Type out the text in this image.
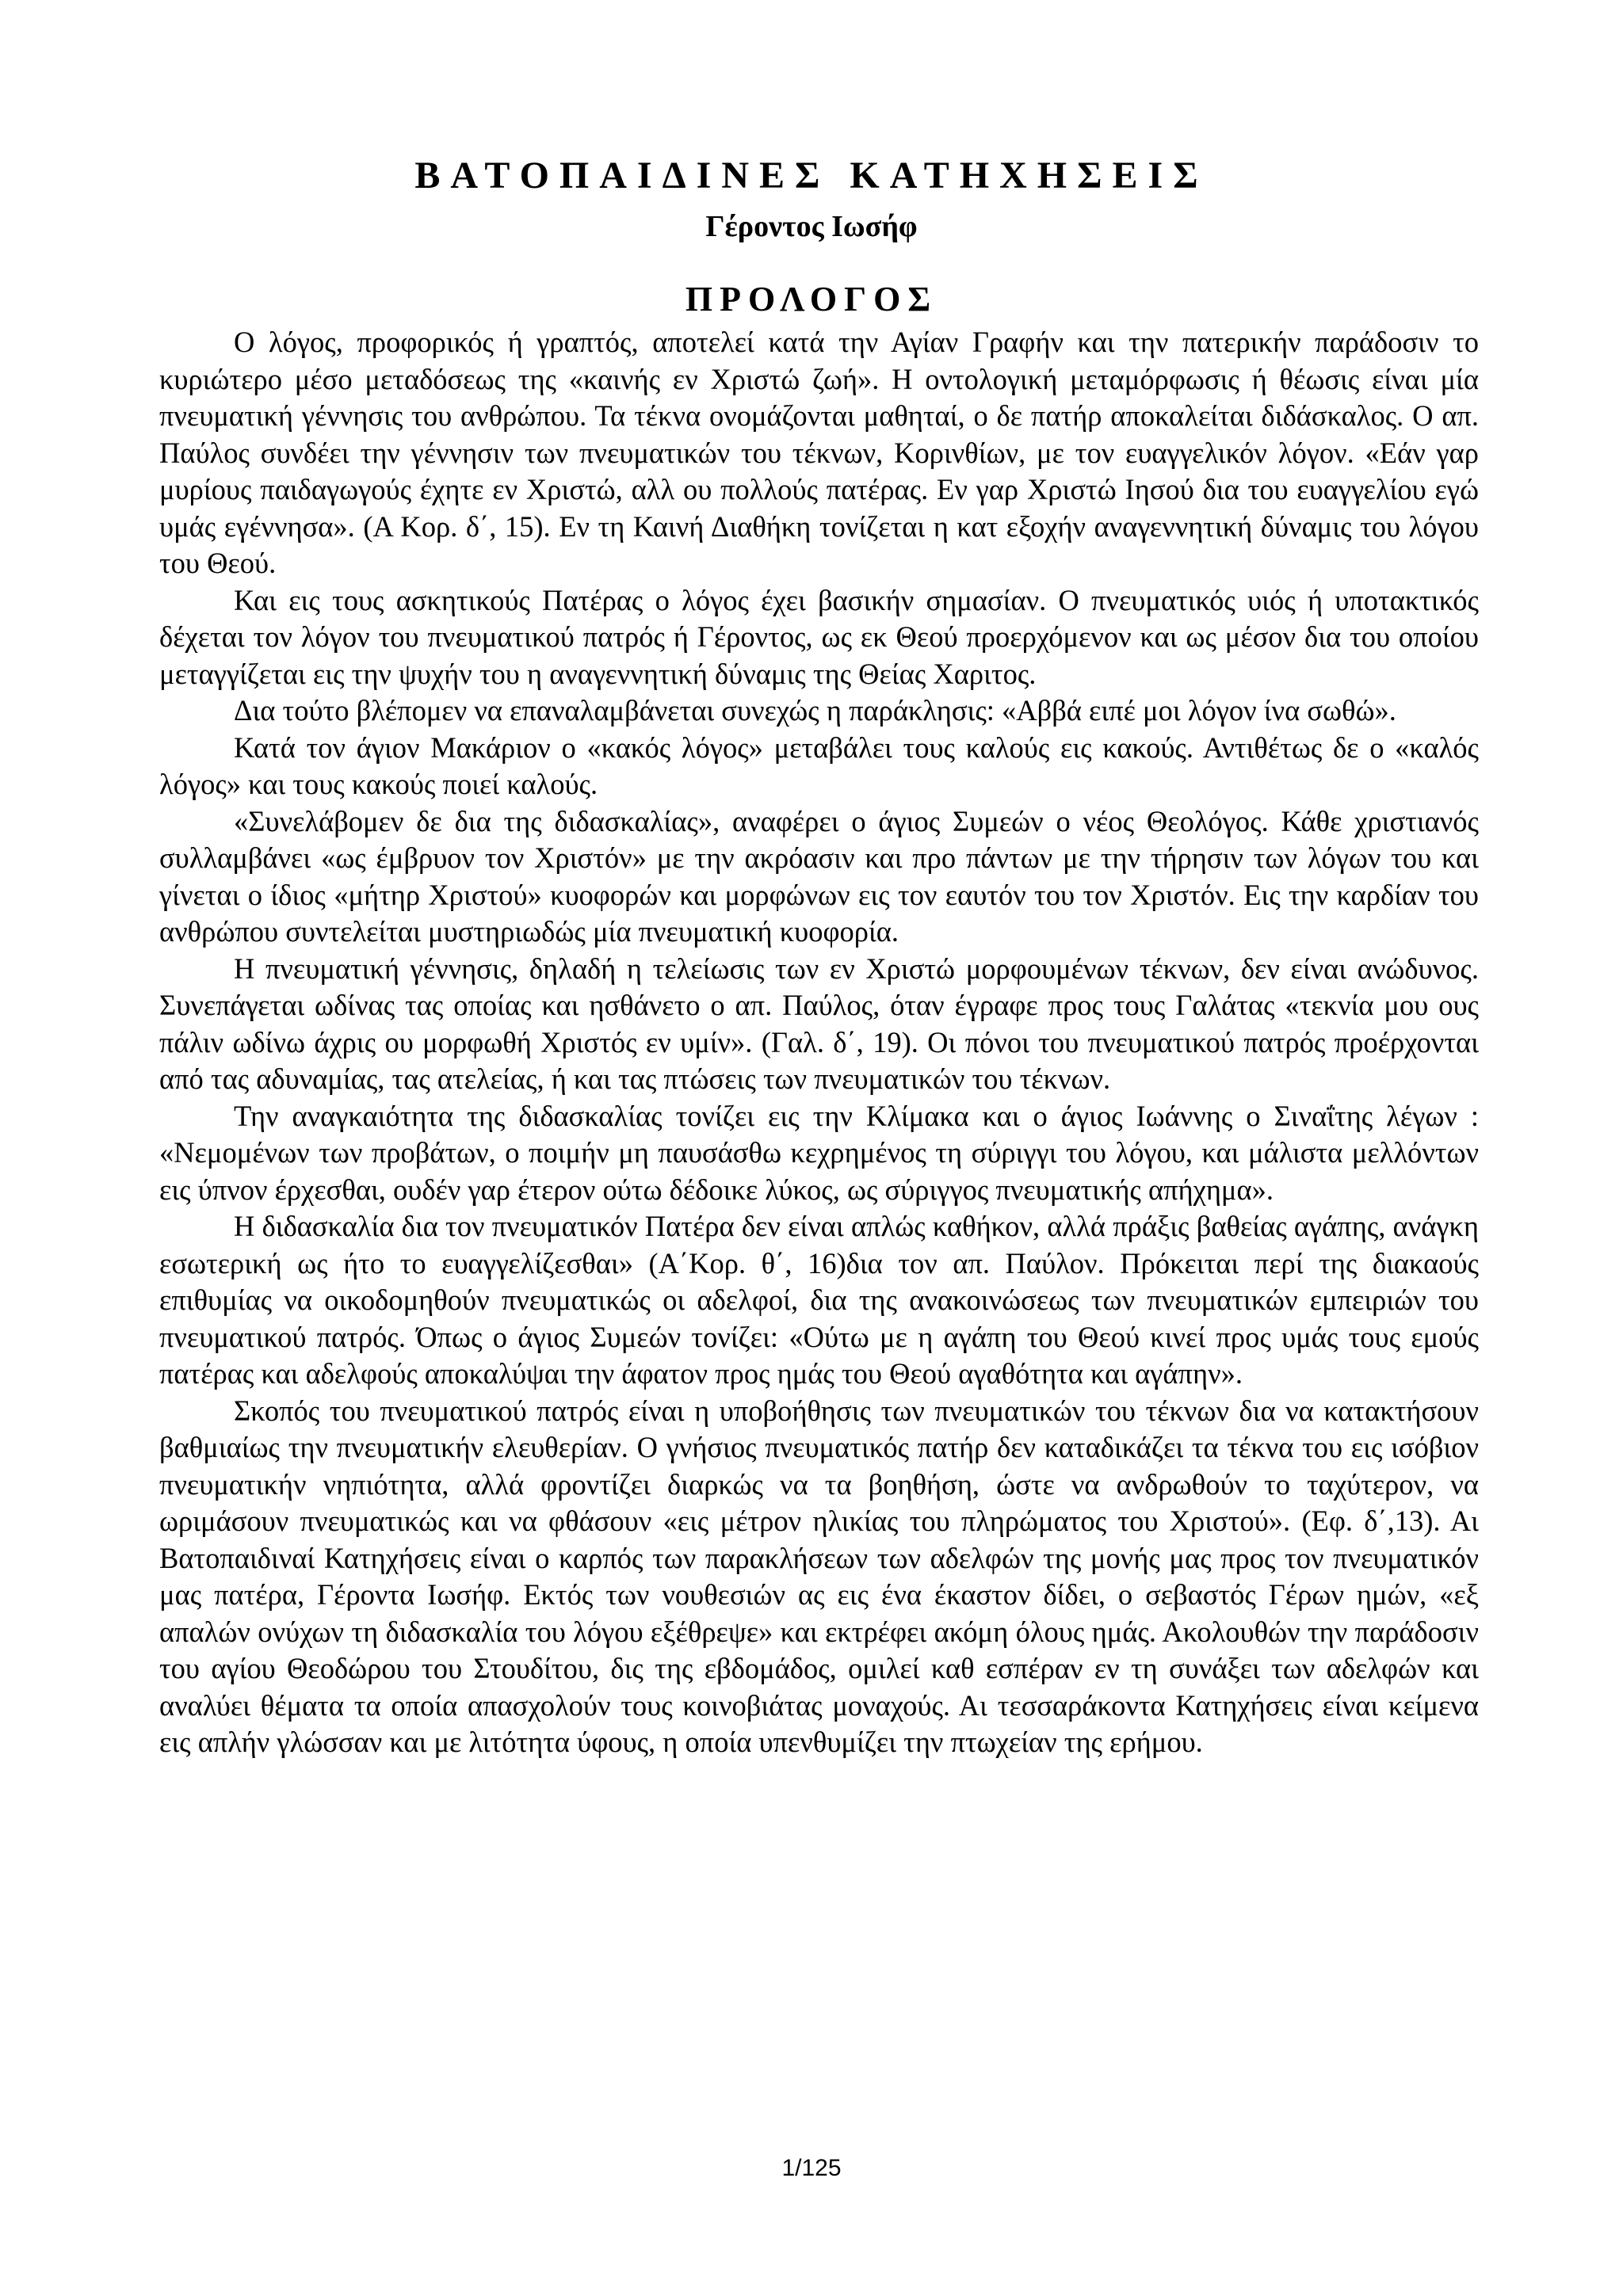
ΒΑΤΟΠΑΙΔΙΝΕΣ ΚΑΤΗΧΗΣΕΙΣ
Γέροντος Ιωσήφ
ΠΡΟΛΟΓΟΣ

Ο λόγος, προφορικός ή γραπτός, αποτελεί κατά την Αγίαν Γραφήν και την πατερικήν παράδοσιν το κυριώτερο μέσο μεταδόσεως της «καινής εν Χριστώ ζωή». Η οντολογική μεταμόρφωσις ή θέωσις είναι μία πνευματική γέννησις του ανθρώπου. Τα τέκνα ονομάζονται μαθηταί, ο δε πατήρ αποκαλείται διδάσκαλος. Ο απ. Παύλος συνδέει την γέννησιν των πνευματικών του τέκνων, Κορινθίων, με τον ευαγγελικόν λόγον. «Εάν γαρ μυρίους παιδαγωγούς έχητε εν Χριστώ, αλλ ου πολλούς πατέρας. Εν γαρ Χριστώ Ιησού δια του ευαγγελίου εγώ υμάς εγέννησα». (Α Κορ. δ΄, 15). Εν τη Καινή Διαθήκη τονίζεται η κατ εξοχήν αναγεννητική δύναμις του λόγου του Θεού.

Και εις τους ασκητικούς Πατέρας ο λόγος έχει βασικήν σημασίαν. Ο πνευματικός υιός ή υποτακτικός δέχεται τον λόγον του πνευματικού πατρός ή Γέροντος, ως εκ Θεού προερχόμενον και ως μέσον δια του οποίου μεταγγίζεται εις την ψυχήν του η αναγεννητική δύναμις της Θείας Χαριτος.

Δια τούτο βλέπομεν να επαναλαμβάνεται συνεχώς η παράκλησις: «Αββά ειπέ μοι λόγον ίνα σωθώ».

Κατά τον άγιον Μακάριον ο «κακός λόγος» μεταβάλει τους καλούς εις κακούς. Αντιθέτως δε ο «καλός λόγος» και τους κακούς ποιεί καλούς.

«Συνελάβομεν δε δια της διδασκαλίας», αναφέρει ο άγιος Συμεών ο νέος Θεολόγος. Κάθε χριστιανός συλλαμβάνει «ως έμβρυον τον Χριστόν» με την ακρόασιν και προ πάντων με την τήρησιν των λόγων του και γίνεται ο ίδιος «μήτηρ Χριστού» κυοφορών και μορφώνων εις τον εαυτόν του τον Χριστόν. Εις την καρδίαν του ανθρώπου συντελείται μυστηριωδώς μία πνευματική κυοφορία.

Η πνευματική γέννησις, δηλαδή η τελείωσις των εν Χριστώ μορφουμένων τέκνων, δεν είναι ανώδυνος. Συνεπάγεται ωδίνας τας οποίας και ησθάνετο ο απ. Παύλος, όταν έγραφε προς τους Γαλάτας «τεκνία μου ους πάλιν ωδίνω άχρις ου μορφωθή Χριστός εν υμίν». (Γαλ. δ΄, 19). Οι πόνοι του πνευματικού πατρός προέρχονται από τας αδυναμίας, τας ατελείας, ή και τας πτώσεις των πνευματικών του τέκνων.

Την αναγκαιότητα της διδασκαλίας τονίζει εις την Κλίμακα και ο άγιος Ιωάννης ο Σιναΐτης λέγων : «Νεμομένων των προβάτων, ο ποιμήν μη παυσάσθω κεχρημένος τη σύριγγι του λόγου, και μάλιστα μελλόντων εις ύπνον έρχεσθαι, ουδέν γαρ έτερον ούτω δέδοικε λύκος, ως σύριγγος πνευματικής απήχημα».

Η διδασκαλία δια τον πνευματικόν Πατέρα δεν είναι απλώς καθήκον, αλλά πράξις βαθείας αγάπης, ανάγκη εσωτερική ως ήτο το ευαγγελίζεσθαι» (Α΄Κορ. θ΄, 16)δια τον απ. Παύλον. Πρόκειται περί της διακαούς επιθυμίας να οικοδομηθούν πνευματικώς οι αδελφοί, δια της ανακοινώσεως των πνευματικών εμπειριών του πνευματικού πατρός. Όπως ο άγιος Συμεών τονίζει: «Ούτω με η αγάπη του Θεού κινεί προς υμάς τους εμούς πατέρας και αδελφούς αποκαλύψαι την άφατον προς ημάς του Θεού αγαθότητα και αγάπην».

Σκοπός του πνευματικού πατρός είναι η υποβοήθησις των πνευματικών του τέκνων δια να κατακτήσουν βαθμιαίως την πνευματικήν ελευθερίαν. Ο γνήσιος πνευματικός πατήρ δεν καταδικάζει τα τέκνα του εις ισόβιον πνευματικήν νηπιότητα, αλλά φροντίζει διαρκώς να τα βοηθήση, ώστε να ανδρωθούν το ταχύτερον, να ωριμάσουν πνευματικώς και να φθάσουν «εις μέτρον ηλικίας του πληρώματος του Χριστού». (Εφ. δ΄,13). Αι Βατοπαιδιναί Κατηχήσεις είναι ο καρπός των παρακλήσεων των αδελφών της μονής μας προς τον πνευματικόν μας πατέρα, Γέροντα Ιωσήφ. Εκτός των νουθεσιών ας εις ένα έκαστον δίδει, ο σεβαστός Γέρων ημών, «εξ απαλών ονύχων τη διδασκαλία του λόγου εξέθρεψε» και εκτρέφει ακόμη όλους ημάς. Ακολουθών την παράδοσιν του αγίου Θεοδώρου του Στουδίτου, δις της εβδομάδος, ομιλεί καθ εσπέραν εν τη συνάξει των αδελφών και αναλύει θέματα τα οποία απασχολούν τους κοινοβιάτας μοναχούς. Αι τεσσαράκοντα Κατηχήσεις είναι κείμενα εις απλήν γλώσσαν και με λιτότητα ύφους, η οποία υπενθυμίζει την πτωχείαν της ερήμου.

1/125
